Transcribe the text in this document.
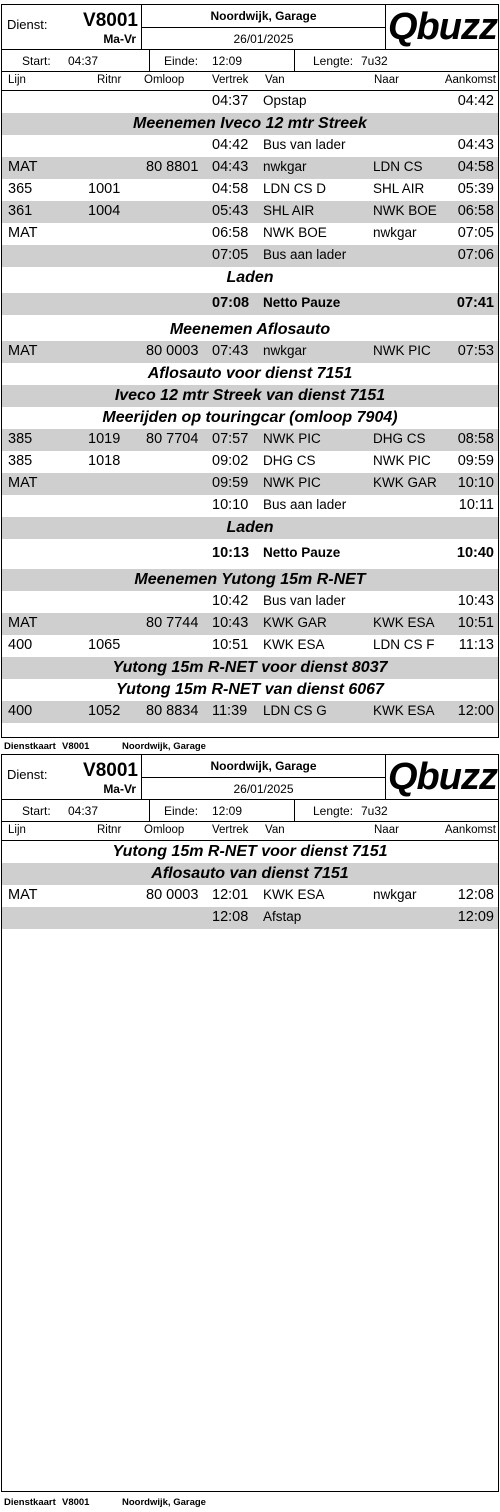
Dienst: V8001
Ma-Vr
Noordwijk, Garage
26/01/2025	Qbuzz
Start: 04:37	Einde: 12:09	Lengte: 7u32
Lijn	Ritnr Omloop Vertrek Van	Naar	Aankomst
04:37 Opstap	04:42
Meenemen Iveco 12 mtr Streek
04:42 Bus van lader	04:43
MAT	80 8801 04:43 nwkgar	LDN CS 04:58
365	1001	04:58 LDN CS D	SHL AIR 05:39
361	1004	05:43 SHL AIR	NWK BOE 06:58
MAT	06:58 NWK BOE	nwkgar	07:05
07:05 Bus aan lader	07:06
Laden
07:08 Netto Pauze	07:41
Meenemen Aflosauto
MAT	80 0003 07:43 nwkgar	NWK PIC 07:53
Aflosauto voor dienst 7151
Iveco 12 mtr Streek van dienst 7151
Meerijden op touringcar (omloop 7904)
385	1019 80 7704 07:57 NWK PIC	DHG CS 08:58
385	1018	09:02 DHG CS	NWK PIC 09:59
MAT	09:59 NWK PIC	KWK GAR 10:10
10:10 Bus aan lader	10:11
Laden
10:13 Netto Pauze	10:40
Meenemen Yutong 15m R-NET
10:42 Bus van lader	10:43
MAT	80 7744 10:43 KWK GAR	KWK ESA 10:51
400	1065	10:51 KWK ESA	LDN CS F 11:13
Yutong 15m R-NET voor dienst 8037
Yutong 15m R-NET van dienst 6067
400	1052 80 8834 11:39 LDN CS G	KWK ESA 12:00
Dienstkaart V8001	Noordwijk, Garage
Dienst: V8001
Ma-Vr
Noordwijk, Garage
26/01/2025	Qbuzz
Start: 04:37	Einde: 12:09	Lengte: 7u32
Lijn	Ritnr Omloop Vertrek Van	Naar	Aankomst
Yutong 15m R-NET voor dienst 7151
Aflosauto van dienst 7151
MAT	80 0003 12:01 KWK ESA	nwkgar	12:08
12:08 Afstap	12:09
Dienstkaart V8001	Noordwijk, Garage
